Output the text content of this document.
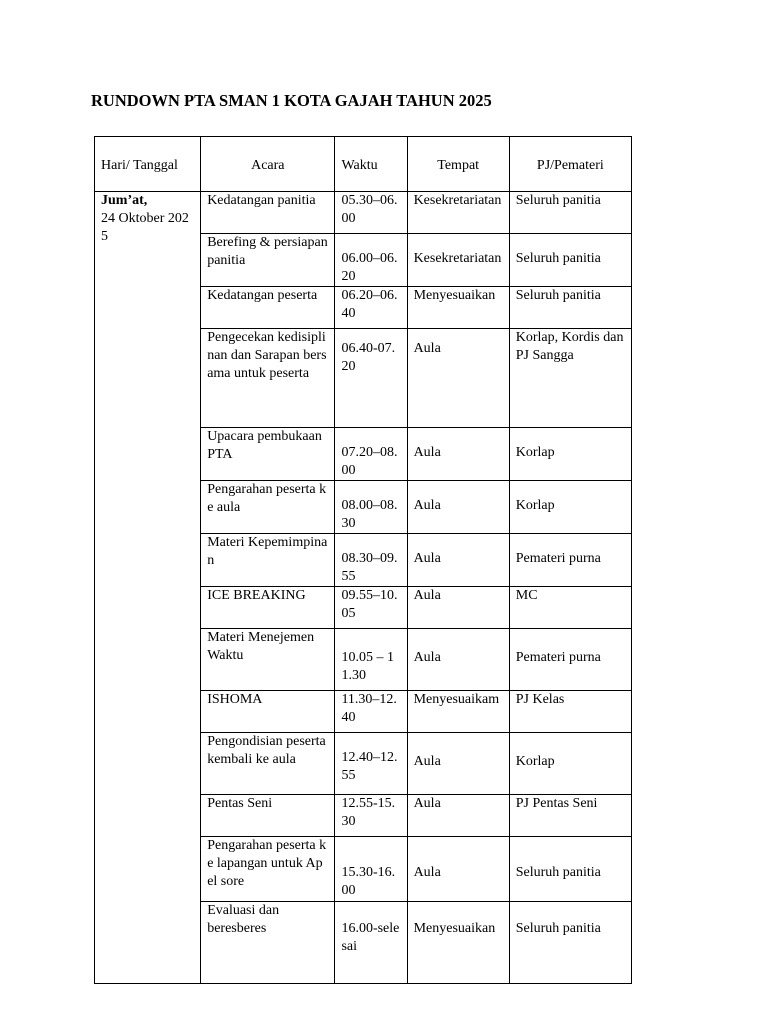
RUNDOWN PTA SMAN 1 KOTA GAJAH TAHUN 2025
Hari/ Tanggal	Acara	Waktu	Tempat	PJ/Pemateri

Jum’at,
24 Oktober 2025	Kedatangan panitia	05.30–06.00	Kesekretariatan	Seluruh panitia
	Berefing & persiapan panitia	06.00–06.20	Kesekretariatan	Seluruh panitia
	Kedatangan peserta	06.20–06.40	Menyesuaikan	Seluruh panitia
	Pengecekan kedisiplinan dan Sarapan bersama untuk peserta	06.40-07.20	Aula	Korlap, Kordis dan PJ Sangga
	Upacara pembukaan PTA	07.20–08.00	Aula	Korlap
	Pengarahan peserta ke aula	08.00–08.30	Aula	Korlap
	Materi Kepemimpinan	08.30–09.55	Aula	Pemateri purna
	ICE BREAKING	09.55–10.05	Aula	MC
	Materi Menejemen Waktu	10.05 – 11.30	Aula	Pemateri purna
	ISHOMA	11.30–12.40	Menyesuaikam	PJ Kelas
	Pengondisian peserta kembali ke aula	12.40–12.55	Aula	Korlap
	Pentas Seni	12.55-15.30	Aula	PJ Pentas Seni
	Pengarahan peserta ke lapangan untuk Apel sore	15.30-16.00	Aula	Seluruh panitia
	Evaluasi dan beresberes	16.00-selesai	Menyesuaikan	Seluruh panitia
